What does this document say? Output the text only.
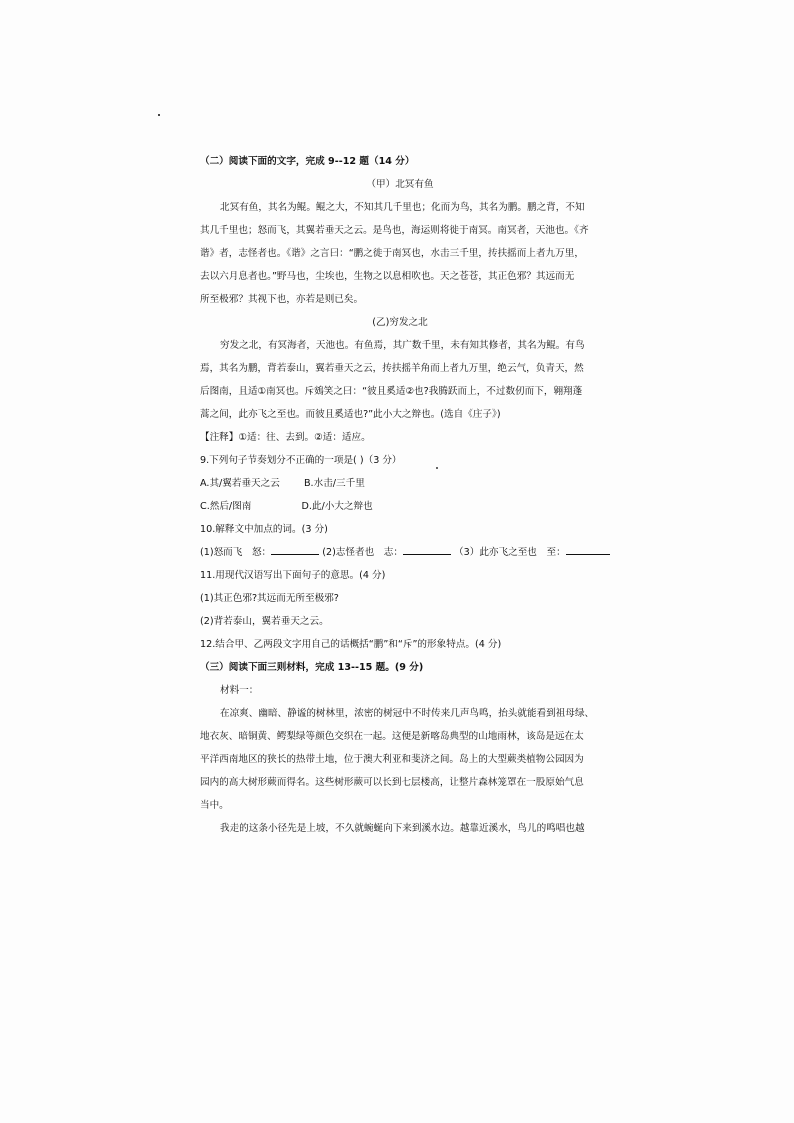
（二）阅读下面的文字，完成 9--12 题（14 分）
（甲）北冥有鱼
北冥有鱼，其名为鲲。鲲之大，不知其几千里也；化而为鸟，其名为鹏。鹏之背，不知
其几千里也；怒而飞，其翼若垂天之云。是鸟也，海运则将徙于南冥。南冥者，天池也。《齐
谐》者，志怪者也。《谐》之言曰：“鹏之徙于南冥也，水击三千里，抟扶摇而上者九万里，
去以六月息者也。”野马也，尘埃也，生物之以息相吹也。天之苍苍，其正色邪？其远而无
所至极邪？其视下也，亦若是则已矣。
(乙)穷发之北
穷发之北，有冥海者，天池也。有鱼焉，其广数千里，未有知其修者，其名为鲲。有鸟
焉，其名为鹏，背若泰山，翼若垂天之云，抟扶摇羊角而上者九万里，绝云气，负青天，然
后图南，且适①南冥也。斥鴳笑之曰：“彼且奚适②也?我腾跃而上，不过数仞而下，翱翔蓬
蒿之间，此亦飞之至也。而彼且奚适也?”此小大之辩也。(选自《庄子》)
【注释】①适：往、去到。②适：适应。
9.下列句子节奏划分不正确的一项是( )（3 分）
A.其/翼若垂天之云	B.水击/三千里
C.然后/图南	D.此/小大之辩也
10.解释文中加点的词。(3 分)
(1)怒而飞　怒：	(2)志怪者也　志：	（3）此亦飞之至也　至：
11.用现代汉语写出下面句子的意思。(4 分)
(1)其正色邪?其远而无所至极邪?
(2)背若泰山，翼若垂天之云。
12.结合甲、乙两段文字用自己的话概括“鹏”和“斥”的形象特点。(4 分)
（三）阅读下面三则材料，完成 13--15 题。(9 分)
材料一：
在凉爽、幽暗、静谧的树林里，浓密的树冠中不时传来几声鸟鸣，抬头就能看到祖母绿、
地衣灰、暗铜黄、鳄梨绿等颜色交织在一起。这便是新喀岛典型的山地雨林，该岛是远在太
平洋西南地区的狭长的热带土地，位于澳大利亚和斐济之间。岛上的大型蕨类植物公园因为
园内的高大树形蕨而得名。这些树形蕨可以长到七层楼高，让整片森林笼罩在一股原始气息
当中。
我走的这条小径先是上坡，不久就蜿蜒向下来到溪水边。越靠近溪水，鸟儿的鸣唱也越
